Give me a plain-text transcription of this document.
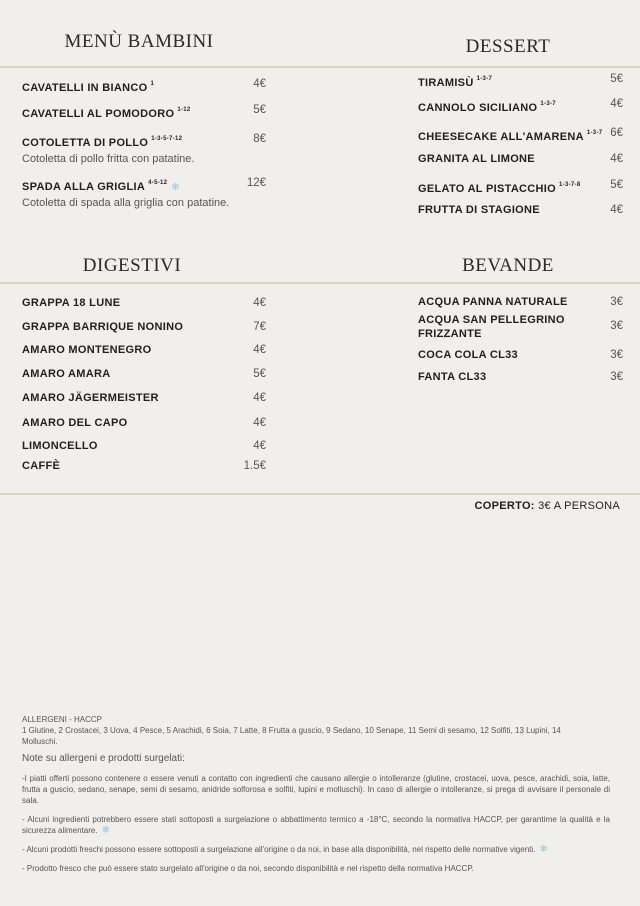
MENÙ BAMBINI	DESSERT
DIGESTIVI	BEVANDE
CAVATELLI IN BIANCO $^1$	4€
CAVATELLI AL POMODORO $^{1-12}$	5€
COTOLETTA DI POLLO $^{1-3-5-7-12}$	8€
Cotoletta di pollo fritta con patatine.
SPADA ALLA GRIGLIA $^{4-5-12}$ ❄	12€
Cotoletta di spada alla griglia con patatine.
TIRAMISÙ $^{1-3-7}$	5€
CANNOLO SICILIANO $^{1-3-7}$	4€
CHEESECAKE ALL'AMARENA $^{1-3-7}$ 6€
GRANITA AL LIMONE	4€
GELATO AL PISTACCHIO $^{1-3-7-8}$	5€
FRUTTA DI STAGIONE	4€
GRAPPA 18 LUNE	4€
GRAPPA BARRIQUE NONINO	7€
AMARO MONTENEGRO	4€
AMARO AMARA	5€
AMARO JÄGERMEISTER	4€
AMARO DEL CAPO	4€
LIMONCELLO	4€
CAFFÈ	1.5€
ACQUA PANNA NATURALE	3€
ACQUA SAN PELLEGRINO FRIZZANTE
3€
COCA COLA CL33	3€
FANTA CL33	3€
COPERTO: 3€ A PERSONA
ALLERGENI - HACCP
1 Glutine, 2 Crostacei, 3 Uova, 4 Pesce, 5 Arachidi, 6 Soia, 7 Latte, 8 Frutta a guscio, 9 Sedano, 10 Senape, 11 Semi di sesamo, 12 Solfiti, 13 Lupini, 14 Molluschi.
Note su allergeni e prodotti surgelati:

-I piatti offerti possono contenere o essere venuti a contatto con ingredienti che causano allergie o intolleranze (glutine, crostacei, uova, pesce, arachidi, soia, latte, frutta a guscio, sedano, senape, semi di sesamo, anidride solforosa e solfiti, lupini e molluschi). In caso di allergie o intolleranze, si prega di avvisare il personale di sala.

- Alcuni ingredienti potrebbero essere stati sottoposti a surgelazione o abbattimento termico a -18°C, secondo la normativa HACCP, per garantirne la qualità e la sicurezza alimentare. ❄

- Alcuni prodotti freschi possono essere sottoposti a surgelazione all'origine o da noi, in base alla disponibilità, nel rispetto delle normative vigenti. ❄

- Prodotto fresco che può essere stato surgelato all'origine o da noi, secondo disponibilità e nel rispetto della normativa HACCP.
